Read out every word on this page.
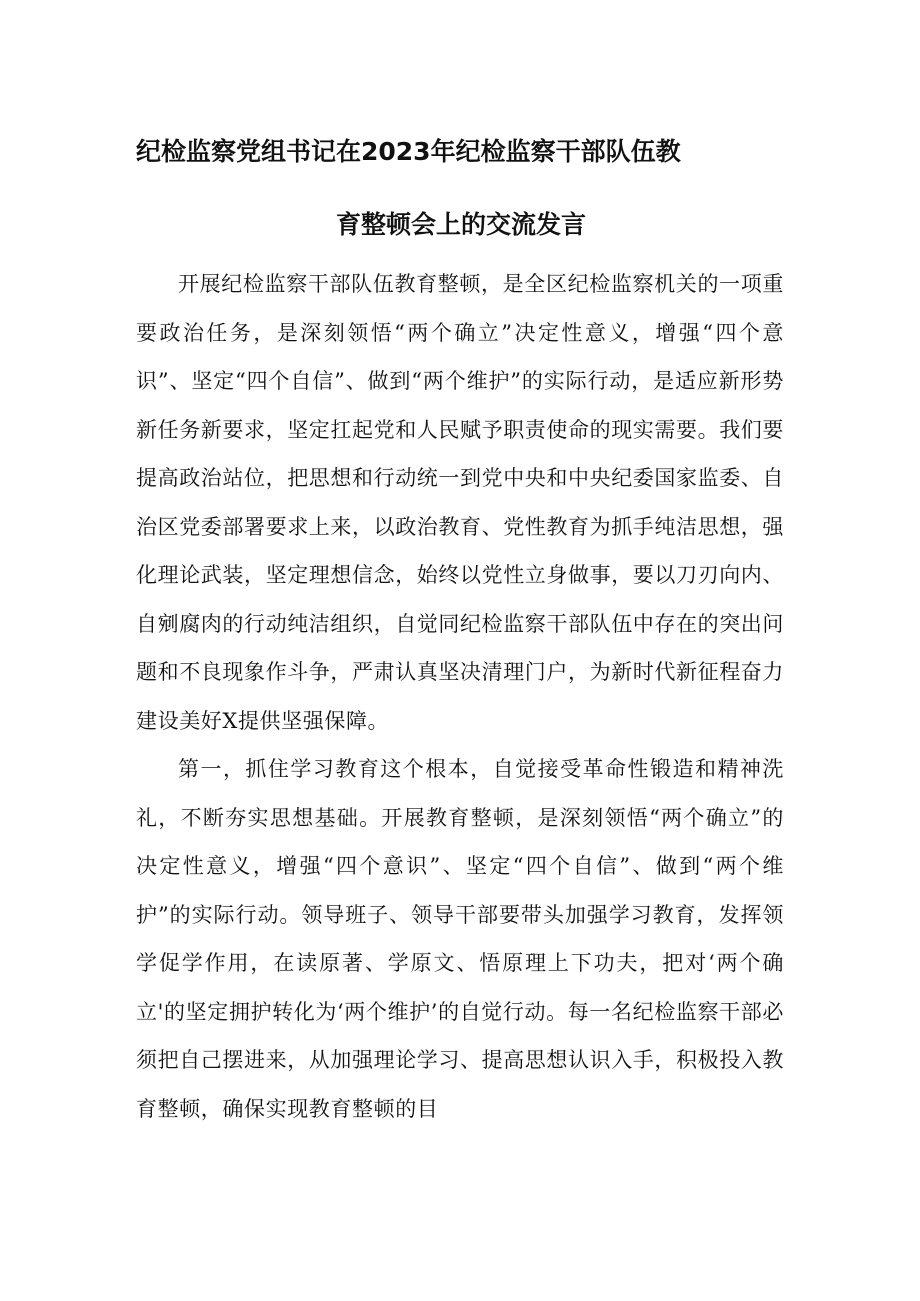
纪检监察党组书记在2023年纪检监察干部队伍教
育整顿会上的交流发言

开展纪检监察干部队伍教育整顿，是全区纪检监察机关的一项重要政治任务，是深刻领悟“两个确立”决定性意义，增强“四个意识”、坚定“四个自信”、做到“两个维护”的实际行动，是适应新形势新任务新要求，坚定扛起党和人民赋予职责使命的现实需要。我们要提高政治站位，把思想和行动统一到党中央和中央纪委国家监委、自治区党委部署要求上来，以政治教育、党性教育为抓手纯洁思想，强化理论武装，坚定理想信念，始终以党性立身做事，要以刀刃向内、自剜腐肉的行动纯洁组织，自觉同纪检监察干部队伍中存在的突出问题和不良现象作斗争，严肃认真坚决清理门户，为新时代新征程奋力建设美好X提供坚强保障。

第一，抓住学习教育这个根本，自觉接受革命性锻造和精神洗礼，不断夯实思想基础。开展教育整顿，是深刻领悟“两个确立”的决定性意义，增强“四个意识”、坚定“四个自信”、做到“两个维护”的实际行动。领导班子、领导干部要带头加强学习教育，发挥领学促学作用，在读原著、学原文、悟原理上下功夫，把对‘两个确立'的坚定拥护转化为‘两个维护’的自觉行动。每一名纪检监察干部必须把自己摆进来，从加强理论学习、提高思想认识入手，积极投入教育整顿，确保实现教育整顿的目
